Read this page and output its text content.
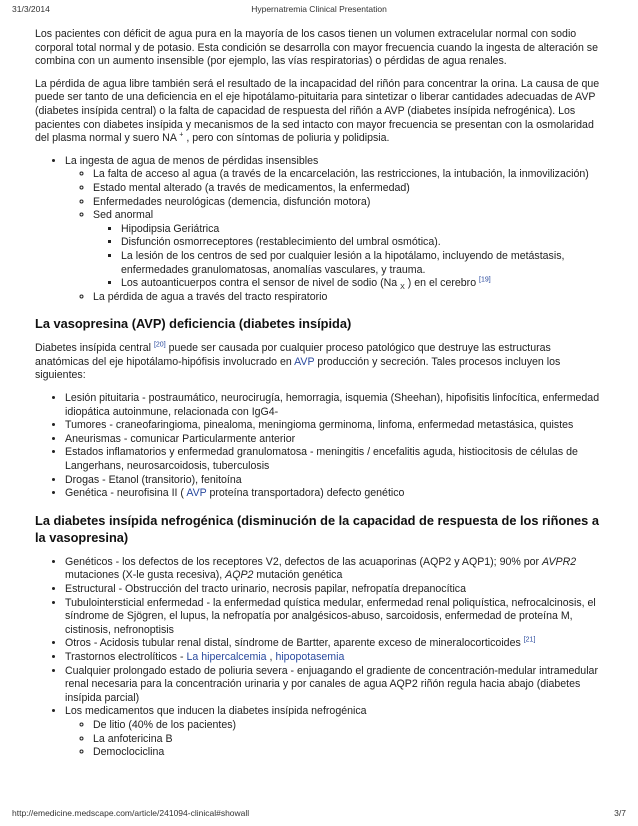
31/3/2014	Hypernatremia Clinical Presentation

Los pacientes con déficit de agua pura en la mayoría de los casos tienen un volumen extracelular normal con sodio corporal total normal y de potasio. Esta condición se desarrolla con mayor frecuencia cuando la ingesta de alteración se combina con un aumento insensible (por ejemplo, las vías respiratorias) o pérdidas de agua renales.

La pérdida de agua libre también será el resultado de la incapacidad del riñón para concentrar la orina. La causa de que puede ser tanto de una deficiencia en el eje hipotálamo-pituitaria para sintetizar o liberar cantidades adecuadas de AVP (diabetes insípida central) o la falta de capacidad de respuesta del riñón a AVP (diabetes insípida nefrogénica). Los pacientes con diabetes insípida y mecanismos de la sed intacto con mayor frecuencia se presentan con la osmolaridad del plasma normal y suero NA + , pero con síntomas de poliuria y polidipsia.

• La ingesta de agua de menos de pérdidas insensibles
◦ La falta de acceso al agua (a través de la encarcelación, las restricciones, la intubación, la inmovilización)
◦ Estado mental alterado (a través de medicamentos, la enfermedad)
◦ Enfermedades neurológicas (demencia, disfunción motora)
◦ Sed anormal
▪ Hipodipsia Geriátrica
▪ Disfunción osmorreceptores (restablecimiento del umbral osmótica).
▪ La lesión de los centros de sed por cualquier lesión a la hipotálamo, incluyendo de metástasis, enfermedades granulomatosas, anomalías vasculares, y trauma.
▪ Los autoanticuerpos contra el sensor de nivel de sodio (Na $_X$ ) en el cerebro [19]
◦ La pérdida de agua a través del tracto respiratorio
La vasopresina (AVP) deficiencia (diabetes insípida)

Diabetes insípida central [20] puede ser causada por cualquier proceso patológico que destruye las estructuras anatómicas del eje hipotálamo-hipófisis involucrado en AVP producción y secreción. Tales procesos incluyen los siguientes:

• Lesión pituitaria - postraumático, neurocirugía, hemorragia, isquemia (Sheehan), hipofisitis linfocítica, enfermedad idiopática autoinmune, relacionada con IgG4-
• Tumores - craneofaringioma, pinealoma, meningioma germinoma, linfoma, enfermedad metastásica, quistes
• Aneurismas - comunicar Particularmente anterior
• Estados inflamatorios y enfermedad granulomatosa - meningitis / encefalitis aguda, histiocitosis de células de Langerhans, neurosarcoidosis, tuberculosis
• Drogas - Etanol (transitorio), fenitoína
• Genética - neurofisina II ( AVP proteína transportadora) defecto genético
La diabetes insípida nefrogénica (disminución de la capacidad de respuesta de los riñones a la vasopresina)
• Genéticos - los defectos de los receptores V2, defectos de las acuaporinas (AQP2 y AQP1); 90% por AVPR2 mutaciones (X-le gusta recesiva), AQP2 mutación genética
• Estructural - Obstrucción del tracto urinario, necrosis papilar, nefropatía drepanocítica
• Tubulointersticial enfermedad - la enfermedad quística medular, enfermedad renal poliquística, nefrocalcinosis, el síndrome de Sjögren, el lupus, la nefropatía por analgésicos-abuso, sarcoidosis, enfermedad de proteína M, cistinosis, nefronoptisis
• Otros - Acidosis tubular renal distal, síndrome de Bartter, aparente exceso de mineralocorticoides [21]
• Trastornos electrolíticos - La hipercalcemia , hipopotasemia
• Cualquier prolongado estado de poliuria severa - enjuagando el gradiente de concentración-medular intramedular renal necesaria para la concentración urinaria y por canales de agua AQP2 riñón regula hacia abajo (diabetes insípida parcial)
• Los medicamentos que inducen la diabetes insípida nefrogénica
◦ De litio (40% de los pacientes)
◦ La anfotericina B
◦ Democlociclina
http://emedicine.medscape.com/article/241094-clinical#showall	3/7
